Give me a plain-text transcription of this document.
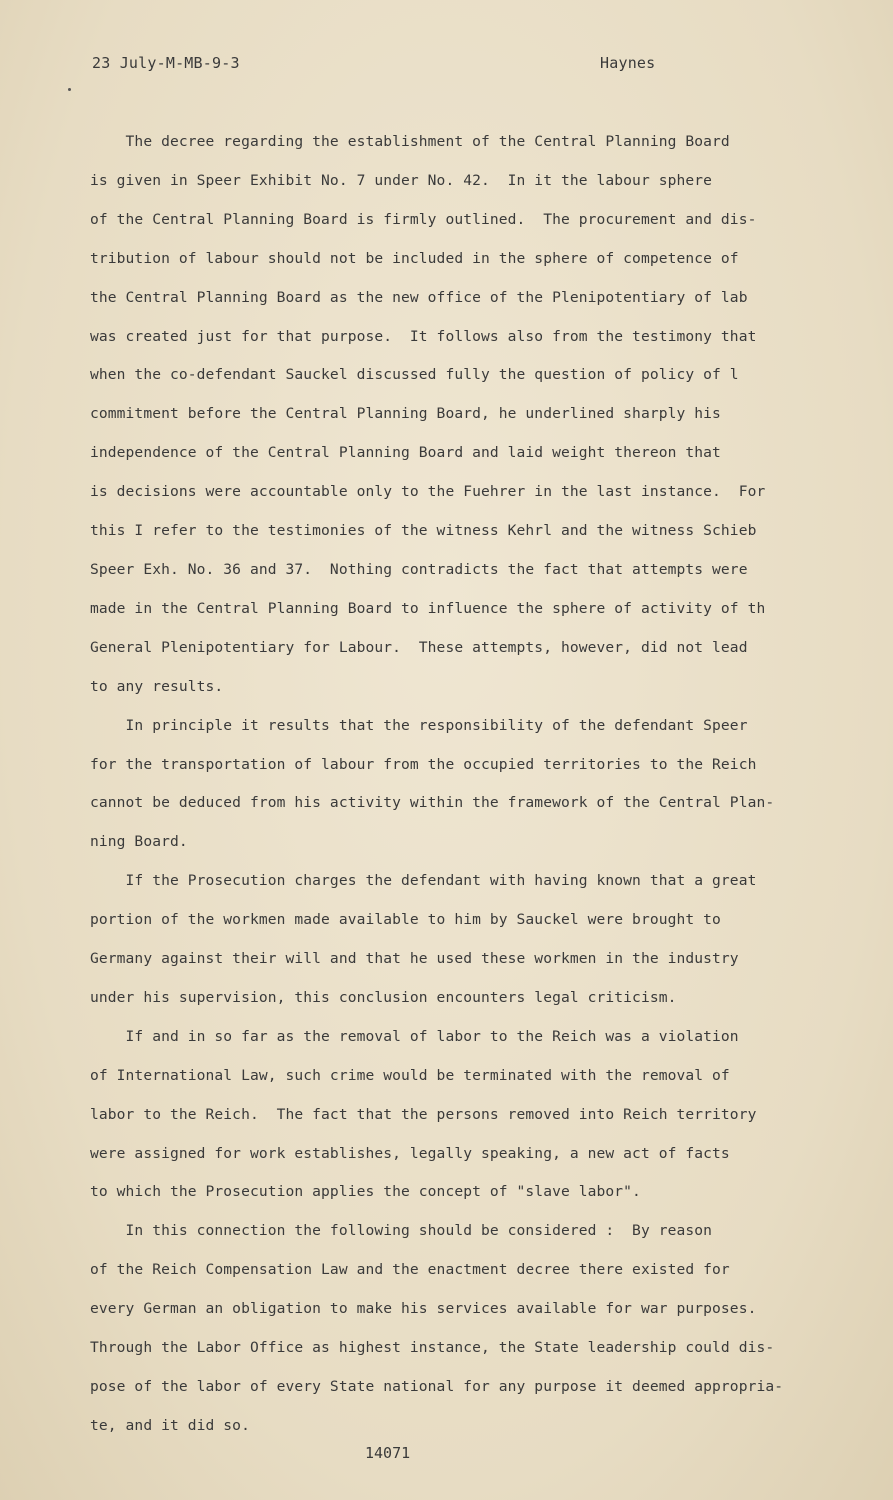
23 July-M-MB-9-3	Haynes

The decree regarding the establishment of the Central Planning Board

is given in Speer Exhibit No. 7 under No. 42.  In it the labour sphere

of the Central Planning Board is firmly outlined.  The procurement and dis-

tribution of labour should not be included in the sphere of competence of

the Central Planning Board as the new office of the Plenipotentiary of lab

was created just for that purpose.  It follows also from the testimony that

when the co-defendant Sauckel discussed fully the question of policy of l

commitment before the Central Planning Board, he underlined sharply his

independence of the Central Planning Board and laid weight thereon that

is decisions were accountable only to the Fuehrer in the last instance.  For

this I refer to the testimonies of the witness Kehrl and the witness Schieb

Speer Exh. No. 36 and 37.  Nothing contradicts the fact that attempts were

made in the Central Planning Board to influence the sphere of activity of th

General Plenipotentiary for Labour.  These attempts, however, did not lead

to any results.

In principle it results that the responsibility of the defendant Speer

for the transportation of labour from the occupied territories to the Reich

cannot be deduced from his activity within the framework of the Central Plan-

ning Board.

If the Prosecution charges the defendant with having known that a great

portion of the workmen made available to him by Sauckel were brought to

Germany against their will and that he used these workmen in the industry

under his supervision, this conclusion encounters legal criticism.

If and in so far as the removal of labor to the Reich was a violation

of International Law, such crime would be terminated with the removal of

labor to the Reich.  The fact that the persons removed into Reich territory

were assigned for work establishes, legally speaking, a new act of facts

to which the Prosecution applies the concept of "slave labor".

In this connection the following should be considered :  By reason

of the Reich Compensation Law and the enactment decree there existed for

every German an obligation to make his services available for war purposes.

Through the Labor Office as highest instance, the State leadership could dis-

pose of the labor of every State national for any purpose it deemed appropria-

te, and it did so.

14071
